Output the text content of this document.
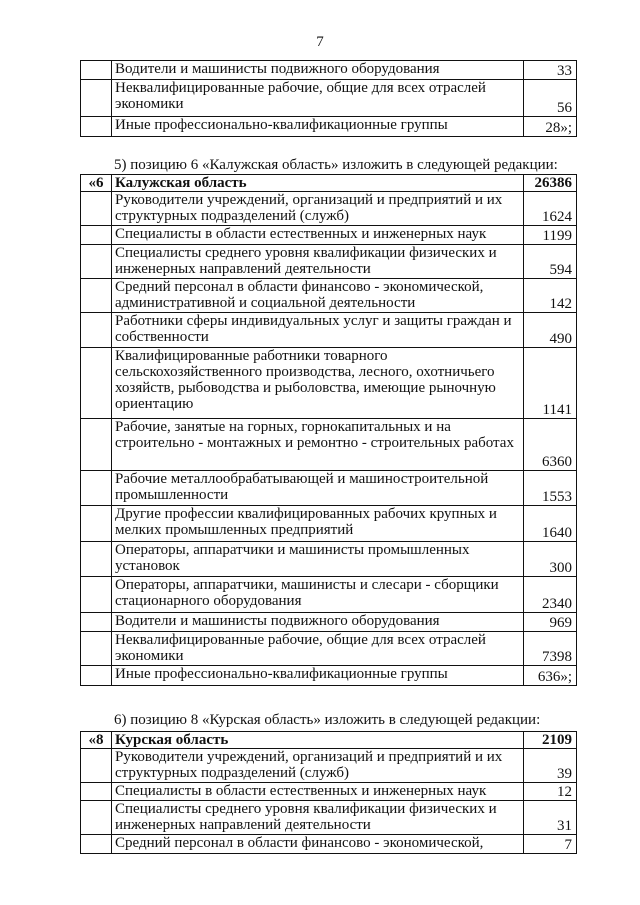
7
	Водители и машинисты подвижного оборудования	33
	Неквалифицированные рабочие, общие для всех отраслей экономики	56
	Иные профессионально-квалификационные группы	28»;
5) позицию 6 «Калужская область» изложить в следующей редакции:
«6	Калужская область	26386
	Руководители учреждений, организаций и предприятий и их структурных подразделений (служб)	1624
	Специалисты в области естественных и инженерных наук	1199
	Специалисты среднего уровня квалификации физических и инженерных направлений деятельности	594
	Средний персонал в области финансово - экономической, административной и социальной деятельности	142
	Работники сферы индивидуальных услуг и защиты граждан и собственности	490
	Квалифицированные работники товарного сельскохозяйственного производства, лесного, охотничьего хозяйств, рыбоводства и рыболовства, имеющие рыночную ориентацию	1141
	Рабочие, занятые на горных, горнокапитальных и на строительно - монтажных и ремонтно - строительных работах	6360
	Рабочие металлообрабатывающей и машиностроительной промышленности	1553
	Другие профессии квалифицированных рабочих крупных и мелких промышленных предприятий	1640
	Операторы, аппаратчики и машинисты промышленных установок	300
	Операторы, аппаратчики, машинисты и слесари - сборщики стационарного оборудования	2340
	Водители и машинисты подвижного оборудования	969
	Неквалифицированные рабочие, общие для всех отраслей экономики	7398
	Иные профессионально-квалификационные группы	636»;
6) позицию 8 «Курская область» изложить в следующей редакции:
«8	Курская область	2109
	Руководители учреждений, организаций и предприятий и их структурных подразделений (служб)	39
	Специалисты в области естественных и инженерных наук	12
	Специалисты среднего уровня квалификации физических и инженерных направлений деятельности	31
	Средний персонал в области финансово - экономической,	7
